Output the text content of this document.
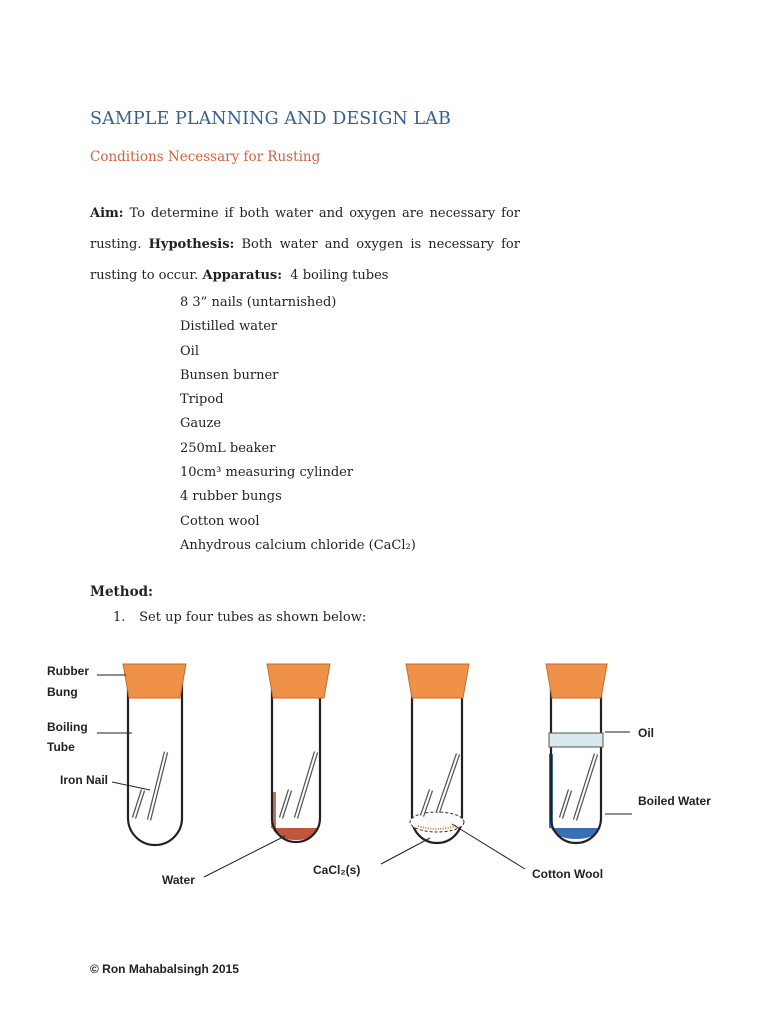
SAMPLE PLANNING AND DESIGN LAB
Conditions Necessary for Rusting
Aim: To determine if both water and oxygen are necessary for rusting. Hypothesis: Both water and oxygen is necessary for rusting to occur. Apparatus: 4 boiling tubes
8 3” nails (untarnished)
Distilled water
Oil
Bunsen burner
Tripod
Gauze
250mL beaker
10cm³ measuring cylinder
4 rubber bungs
Cotton wool
Anhydrous calcium chloride (CaCl₂)
Method:
1. Set up four tubes as shown below:
Rubber
Bung
Boiling
Tube
Iron Nail
Water
CaCl₂(s)	Cotton Wool
Oil
Boiled Water
© Ron Mahabalsingh 2015
